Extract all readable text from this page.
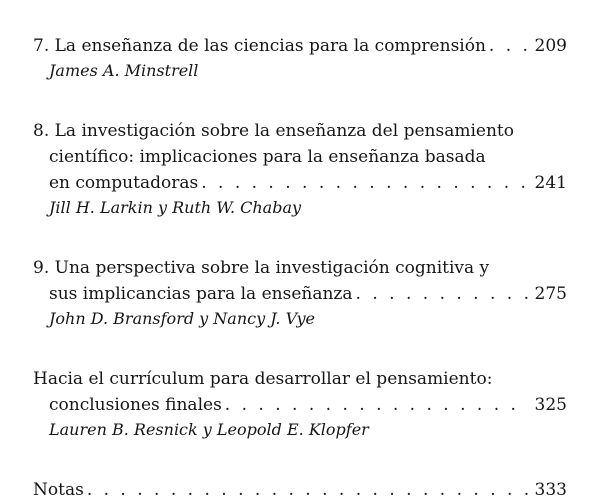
7. La enseñanza de las ciencias para la comprensión . . .	209
James A. Minstrell
8. La investigación sobre la enseñanza del pensamiento
científico: implicaciones para la enseñanza basada
en computadoras . . .	241
Jill H. Larkin y Ruth W. Chabay
9. Una perspectiva sobre la investigación cognitiva y
sus implicancias para la enseñanza . . .	275
John D. Bransford y Nancy J. Vye
Hacia el currículum para desarrollar el pensamiento:
conclusiones finales . . .	325
Lauren B. Resnick y Leopold E. Klopfer
Notas . . .	333
